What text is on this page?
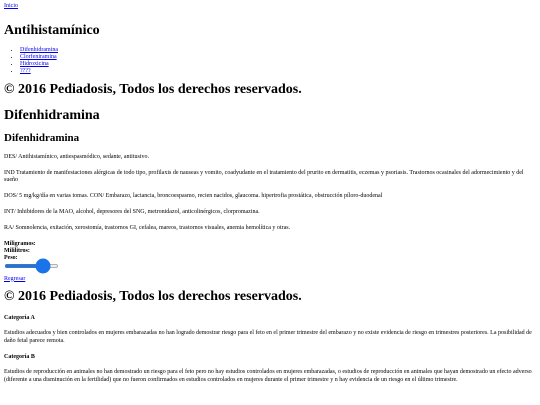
Inicio
Antihistamínico
• Difenhidramina
• Clorfeniramina
• Hidroxicina
• ????
© 2016 Pediadosis, Todos los derechos reservados.
Difenhidramina
Difenhidramina

DES/ Antihistamínico, antiespasmódico, sedante, antitusivo.

IND Tratamiento de manifestaciones alérgicas de todo tipo, profilaxis de nauseas y vomito, coadyudante en el tratamiento del prurito en dermatitis, eczemas y psoriasis. Trastornos ocasinales del adormecimiento y del sueño

DOS/ 5 mg/kg/día en varias tomas. CON/ Embarazo, lactancia, broncoespasmo, recien nacidos, glaucoma. hipertrofia prostática, obstrucción píloro-duodenal

INT/ Inhibidores de la MAO, alcohol, depresores del SNG, metronidazol, anticolinérgicos, clorpromazina.

RA/ Somnolencia, exitación, xerostomía, trastornos GI, cefalea, mareos, trastornos visuales, anemia hemolítica y otras.

Miligramos:
Mililitros:
Regresar
© 2016 Pediadosis, Todos los derechos reservados.
Categoría A

Estudios adecuados y bien controlados en mujeres embarazadas no han logrado demostrar riesgo para el feto en el primer trimestre del embarazo y no existe evidencia de riesgo en trimestres posteriores. La posibilidad de daño fetal parece remota.

Categoría B

Estudios de reproducción en animales no han demostrado un riesgo para el feto pero no hay estudios controlados en mujeres embarazadas, o estudios de reproducción en animales que hayan demostrado un efecto adverso (diferente a una disminución en la fertilidad) que no fueron confirmados en estudios controlados en mujeres durante el primer trimestre y n hay evidencia de un riesgo en el último trimestre.
